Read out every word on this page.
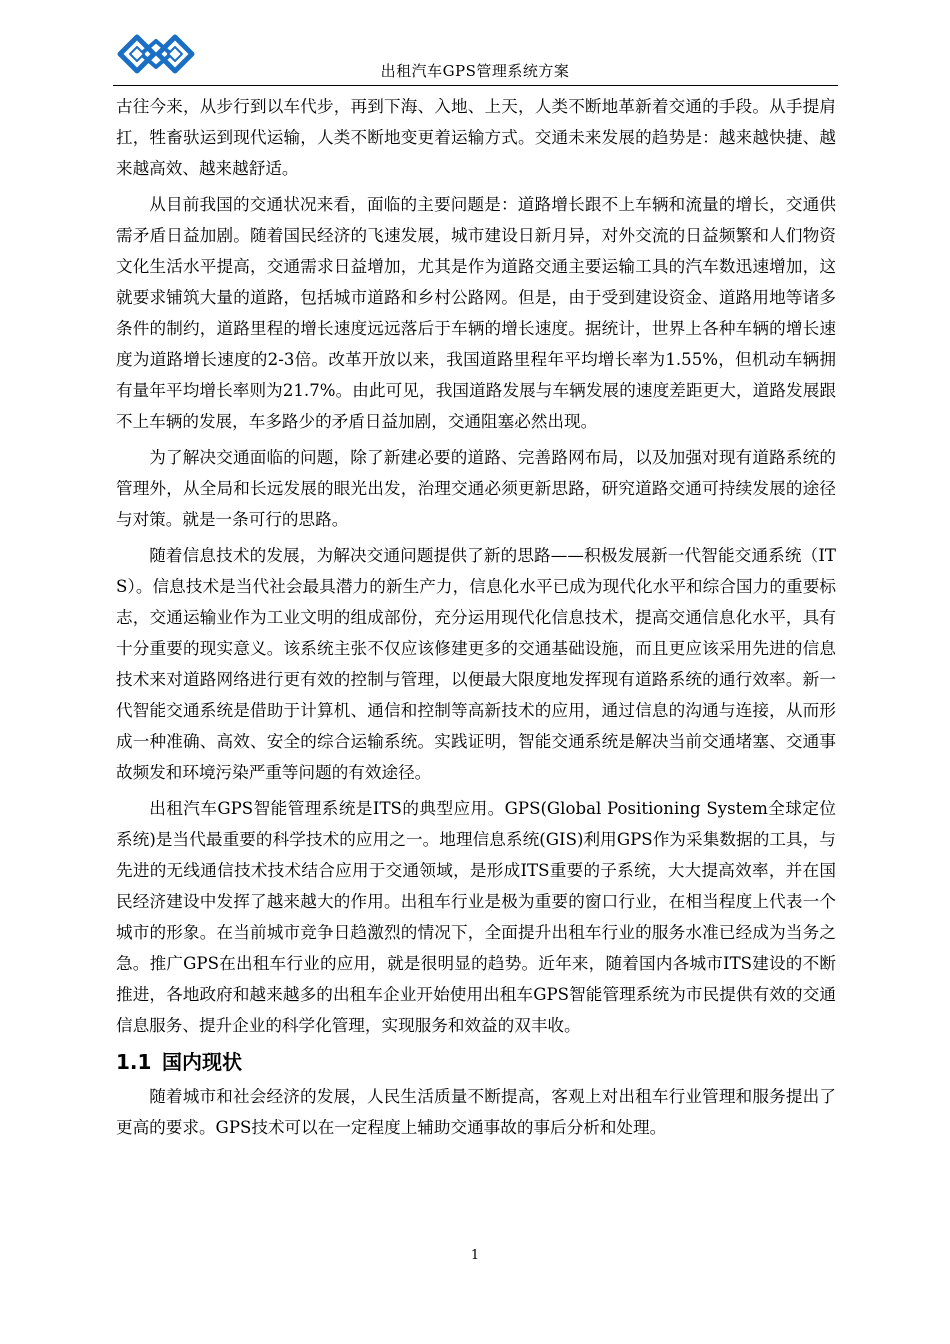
出租汽车GPS管理系统方案

古往今来，从步行到以车代步，再到下海、入地、上天，人类不断地革新着交通的手段。从手提肩扛，牲畜驮运到现代运输，人类不断地变更着运输方式。交通未来发展的趋势是：越来越快捷、越来越高效、越来越舒适。

从目前我国的交通状况来看，面临的主要问题是：道路增长跟不上车辆和流量的增长，交通供需矛盾日益加剧。随着国民经济的飞速发展，城市建设日新月异，对外交流的日益频繁和人们物资文化生活水平提高，交通需求日益增加，尤其是作为道路交通主要运输工具的汽车数迅速增加，这就要求铺筑大量的道路，包括城市道路和乡村公路网。但是，由于受到建设资金、道路用地等诸多条件的制约，道路里程的增长速度远远落后于车辆的增长速度。据统计，世界上各种车辆的增长速度为道路增长速度的2-3倍。改革开放以来，我国道路里程年平均增长率为1.55%，但机动车辆拥有量年平均增长率则为21.7%。由此可见，我国道路发展与车辆发展的速度差距更大，道路发展跟不上车辆的发展，车多路少的矛盾日益加剧，交通阻塞必然出现。

为了解决交通面临的问题，除了新建必要的道路、完善路网布局，以及加强对现有道路系统的管理外，从全局和长远发展的眼光出发，治理交通必须更新思路，研究道路交通可持续发展的途径与对策。就是一条可行的思路。

随着信息技术的发展，为解决交通问题提供了新的思路——积极发展新一代智能交通系统（ITS）。信息技术是当代社会最具潜力的新生产力，信息化水平已成为现代化水平和综合国力的重要标志，交通运输业作为工业文明的组成部份，充分运用现代化信息技术，提高交通信息化水平，具有十分重要的现实意义。该系统主张不仅应该修建更多的交通基础设施，而且更应该采用先进的信息技术来对道路网络进行更有效的控制与管理，以便最大限度地发挥现有道路系统的通行效率。新一代智能交通系统是借助于计算机、通信和控制等高新技术的应用，通过信息的沟通与连接，从而形成一种准确、高效、安全的综合运输系统。实践证明，智能交通系统是解决当前交通堵塞、交通事故频发和环境污染严重等问题的有效途径。

出租汽车GPS智能管理系统是ITS的典型应用。GPS(Global Positioning System全球定位系统)是当代最重要的科学技术的应用之一。地理信息系统(GIS)利用GPS作为采集数据的工具，与先进的无线通信技术技术结合应用于交通领域，是形成ITS重要的子系统，大大提高效率，并在国民经济建设中发挥了越来越大的作用。出租车行业是极为重要的窗口行业，在相当程度上代表一个城市的形象。在当前城市竞争日趋激烈的情况下，全面提升出租车行业的服务水准已经成为当务之急。推广GPS在出租车行业的应用，就是很明显的趋势。近年来，随着国内各城市ITS建设的不断推进，各地政府和越来越多的出租车企业开始使用出租车GPS智能管理系统为市民提供有效的交通信息服务、提升企业的科学化管理，实现服务和效益的双丰收。

1.1 国内现状

随着城市和社会经济的发展，人民生活质量不断提高，客观上对出租车行业管理和服务提出了更高的要求。GPS技术可以在一定程度上辅助交通事故的事后分析和处理。

1
